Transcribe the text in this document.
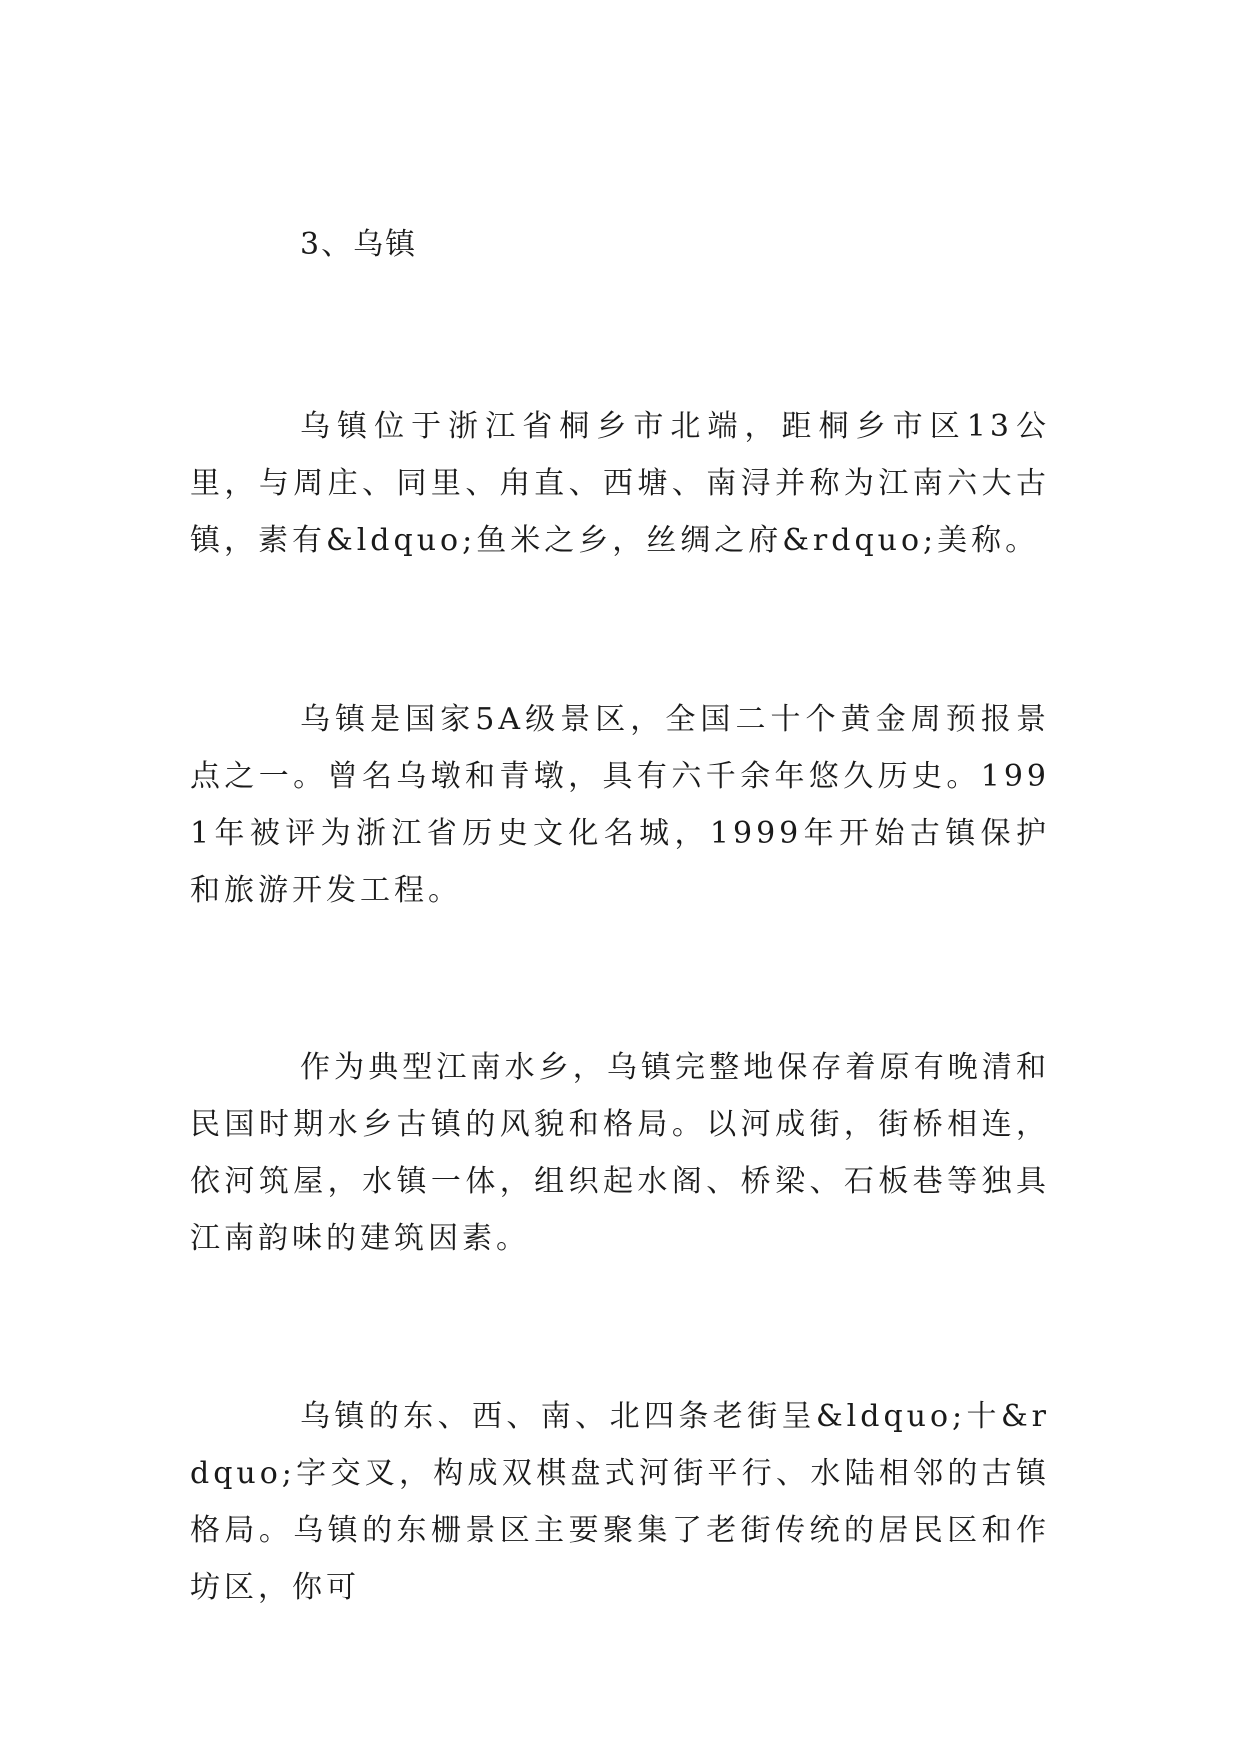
3、乌镇

乌镇位于浙江省桐乡市北端，距桐乡市区13公里，与周庄、同里、甪直、西塘、南浔并称为江南六大古镇，素有&ldquo;鱼米之乡，丝绸之府&rdquo;美称。

乌镇是国家5A级景区，全国二十个黄金周预报景点之一。曾名乌墩和青墩，具有六千余年悠久历史。1991年被评为浙江省历史文化名城，1999年开始古镇保护和旅游开发工程。

作为典型江南水乡，乌镇完整地保存着原有晚清和民国时期水乡古镇的风貌和格局。以河成街，街桥相连，依河筑屋，水镇一体，组织起水阁、桥梁、石板巷等独具江南韵味的建筑因素。

乌镇的东、西、南、北四条老街呈&ldquo;十&rdquo;字交叉，构成双棋盘式河街平行、水陆相邻的古镇格局。乌镇的东栅景区主要聚集了老街传统的居民区和作坊区，你可
